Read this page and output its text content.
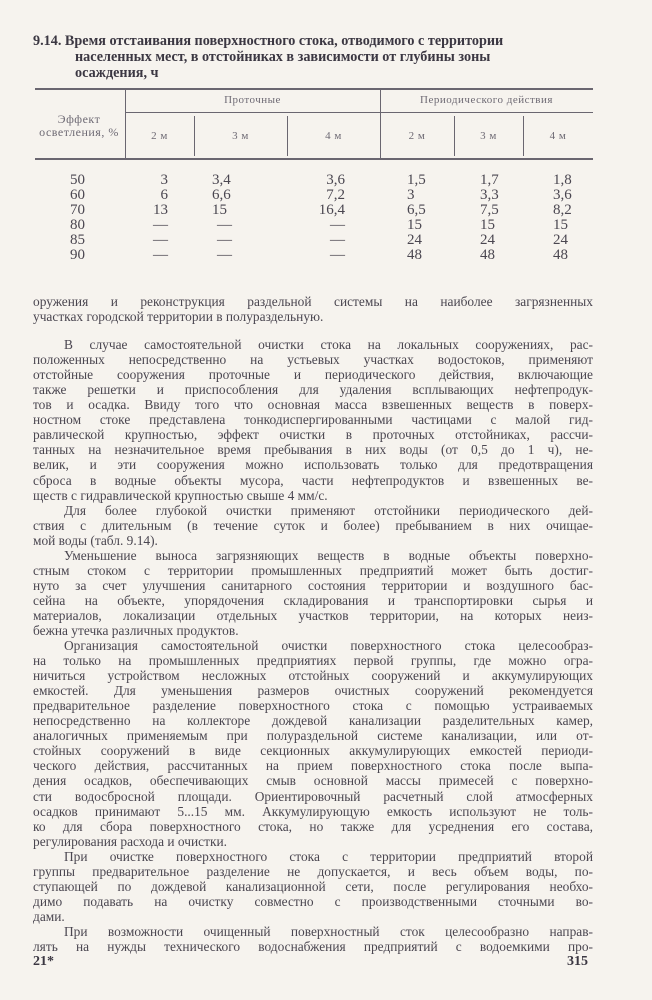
9.14. Время отстаивания поверхностного стока, отводимого с территории
населенных мест, в отстойниках в зависимости от глубины зоны
осаждения, ч
Эффект
осветления, %
Проточные	Периодического действия
2 м	3 м	4 м	2 м	3 м	4 м
50	3	3,4	3,6	1,5	1,7	1,8
60	6	6,6	7,2	3	3,3	3,6
70	13	15	16,4	6,5	7,5	8,2
80	—	—	—	15	15	15
85	—	—	—	24	24	24
90	—	—	—	48	48	48
оружения и реконструкция раздельной системы на наиболее загрязненных
участках городской территории в полураздельную.
В случае самостоятельной очистки стока на локальных сооружениях, рас-
положенных непосредственно на устьевых участках водостоков, применяют
отстойные сооружения проточные и периодического действия, включающие
также решетки и приспособления для удаления всплывающих нефтепродук-
тов и осадка. Ввиду того что основная масса взвешенных веществ в поверх-
ностном стоке представлена тонкодиспергированными частицами с малой гид-
равлической крупностью, эффект очистки в проточных отстойниках, рассчи-
танных на незначительное время пребывания в них воды (от 0,5 до 1 ч), не-
велик, и эти сооружения можно использовать только для предотвращения
сброса в водные объекты мусора, части нефтепродуктов и взвешенных ве-
ществ с гидравлической крупностью свыше 4 мм/с.
Для более глубокой очистки применяют отстойники периодического дей-
ствия с длительным (в течение суток и более) пребыванием в них очищае-
мой воды (табл. 9.14).
Уменьшение выноса загрязняющих веществ в водные объекты поверхно-
стным стоком с территории промышленных предприятий может быть достиг-
нуто за счет улучшения санитарного состояния территории и воздушного бас-
сейна на объекте, упорядочения складирования и транспортировки сырья и
материалов, локализации отдельных участков территории, на которых неиз-
бежна утечка различных продуктов.
Организация самостоятельной очистки поверхностного стока целесообраз-
на только на промышленных предприятиях первой группы, где можно огра-
ничиться устройством несложных отстойных сооружений и аккумулирующих
емкостей. Для уменьшения размеров очистных сооружений рекомендуется
предварительное разделение поверхностного стока с помощью устраиваемых
непосредственно на коллекторе дождевой канализации разделительных камер,
аналогичных применяемым при полураздельной системе канализации, или от-
стойных сооружений в виде секционных аккумулирующих емкостей периоди-
ческого действия, рассчитанных на прием поверхностного стока после выпа-
дения осадков, обеспечивающих смыв основной массы примесей с поверхно-
сти водосбросной площади. Ориентировочный расчетный слой атмосферных
осадков принимают 5...15 мм. Аккумулирующую емкость используют не толь-
ко для сбора поверхностного стока, но также для усреднения его состава,
регулирования расхода и очистки.
При очистке поверхностного стока с территории предприятий второй
группы предварительное разделение не допускается, и весь объем воды, по-
ступающей по дождевой канализационной сети, после регулирования необхо-
димо подавать на очистку совместно с производственными сточными во-
дами.
При возможности очищенный поверхностный сток целесообразно направ-
лять на нужды технического водоснабжения предприятий с водоемкими про-
21*	315
